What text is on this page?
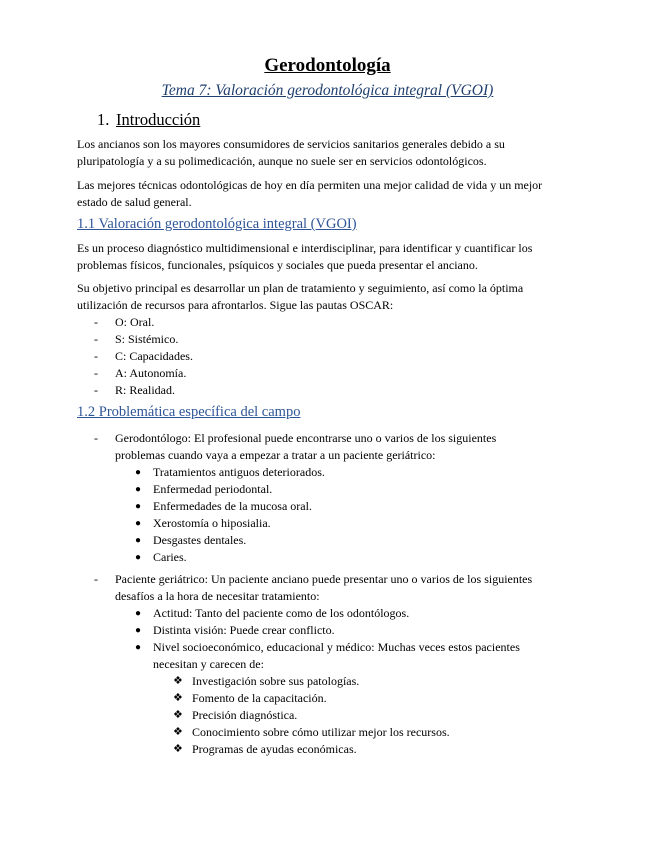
Gerodontología
Tema 7: Valoración gerodontológica integral (VGOI)
1. Introducción
Los ancianos son los mayores consumidores de servicios sanitarios generales debido a su
pluripatología y a su polimedicación, aunque no suele ser en servicios odontológicos.
Las mejores técnicas odontológicas de hoy en día permiten una mejor calidad de vida y un mejor
estado de salud general.
1.1 Valoración gerodontológica integral (VGOI)
Es un proceso diagnóstico multidimensional e interdisciplinar, para identificar y cuantificar los
problemas físicos, funcionales, psíquicos y sociales que pueda presentar el anciano.
Su objetivo principal es desarrollar un plan de tratamiento y seguimiento, así como la óptima
utilización de recursos para afrontarlos. Sigue las pautas OSCAR:
- O: Oral.
- S: Sistémico.
- C: Capacidades.
- A: Autonomía.
- R: Realidad.
1.2 Problemática específica del campo
- Gerodontólogo: El profesional puede encontrarse uno o varios de los siguientes
problemas cuando vaya a empezar a tratar a un paciente geriátrico:
● Tratamientos antiguos deteriorados.
● Enfermedad periodontal.
● Enfermedades de la mucosa oral.
● Xerostomía o hiposialia.
● Desgastes dentales.
● Caries.
- Paciente geriátrico: Un paciente anciano puede presentar uno o varios de los siguientes
desafíos a la hora de necesitar tratamiento:
● Actitud: Tanto del paciente como de los odontólogos.
● Distinta visión: Puede crear conflicto.
● Nivel socioeconómico, educacional y médico: Muchas veces estos pacientes
necesitan y carecen de:
❖ Investigación sobre sus patologías.
❖ Fomento de la capacitación.
❖ Precisión diagnóstica.
❖ Conocimiento sobre cómo utilizar mejor los recursos.
❖ Programas de ayudas económicas.
